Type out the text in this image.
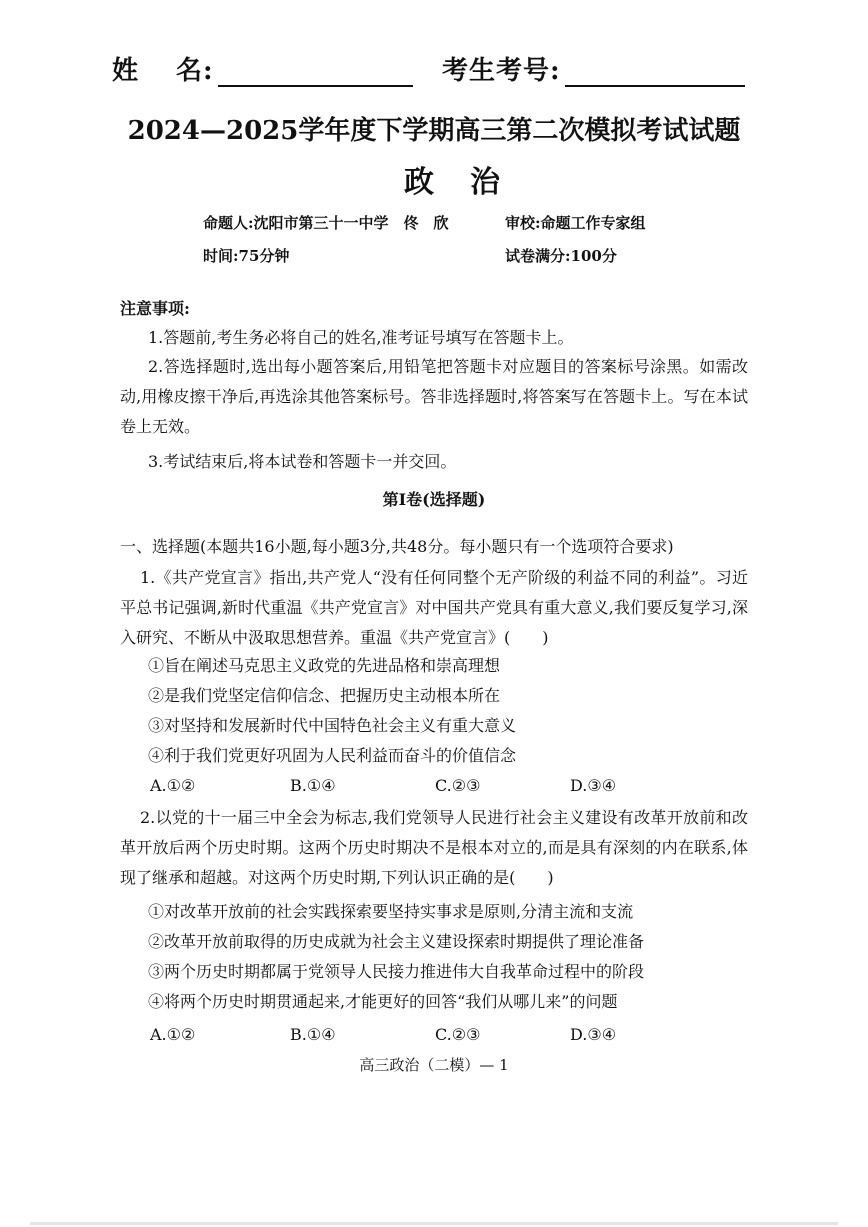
姓　 名:	考生考号:
2024—2025学年度下学期高三第二次模拟考试试题
政治
命题人:沈阳市第三十一中学　佟　欣	审校:命题工作专家组
时间:75分钟	试卷满分:100分
注意事项:
1.答题前,考生务必将自己的姓名,准考证号填写在答题卡上。
2.答选择题时,选出每小题答案后,用铅笔把答题卡对应题目的答案标号涂黑。如需改动,用橡皮擦干净后,再选涂其他答案标号。答非选择题时,将答案写在答题卡上。写在本试卷上无效。
3.考试结束后,将本试卷和答题卡一并交回。
第Ⅰ卷(选择题)
一、选择题(本题共16小题,每小题3分,共48分。每小题只有一个选项符合要求)
1.《共产党宣言》指出,共产党人“没有任何同整个无产阶级的利益不同的利益”。习近平总书记强调,新时代重温《共产党宣言》对中国共产党具有重大意义,我们要反复学习,深入研究、不断从中汲取思想营养。重温《共产党宣言》(　　)
①旨在阐述马克思主义政党的先进品格和崇高理想
②是我们党坚定信仰信念、把握历史主动根本所在
③对坚持和发展新时代中国特色社会主义有重大意义
④利于我们党更好巩固为人民利益而奋斗的价值信念
A.①②	B.①④	C.②③	D.③④
2.以党的十一届三中全会为标志,我们党领导人民进行社会主义建设有改革开放前和改革开放后两个历史时期。这两个历史时期决不是根本对立的,而是具有深刻的内在联系,体现了继承和超越。对这两个历史时期,下列认识正确的是(　　)
①对改革开放前的社会实践探索要坚持实事求是原则,分清主流和支流
②改革开放前取得的历史成就为社会主义建设探索时期提供了理论准备
③两个历史时期都属于党领导人民接力推进伟大自我革命过程中的阶段
④将两个历史时期贯通起来,才能更好的回答“我们从哪儿来”的问题
A.①②	B.①④	C.②③	D.③④
高三政治（二模）— 1
